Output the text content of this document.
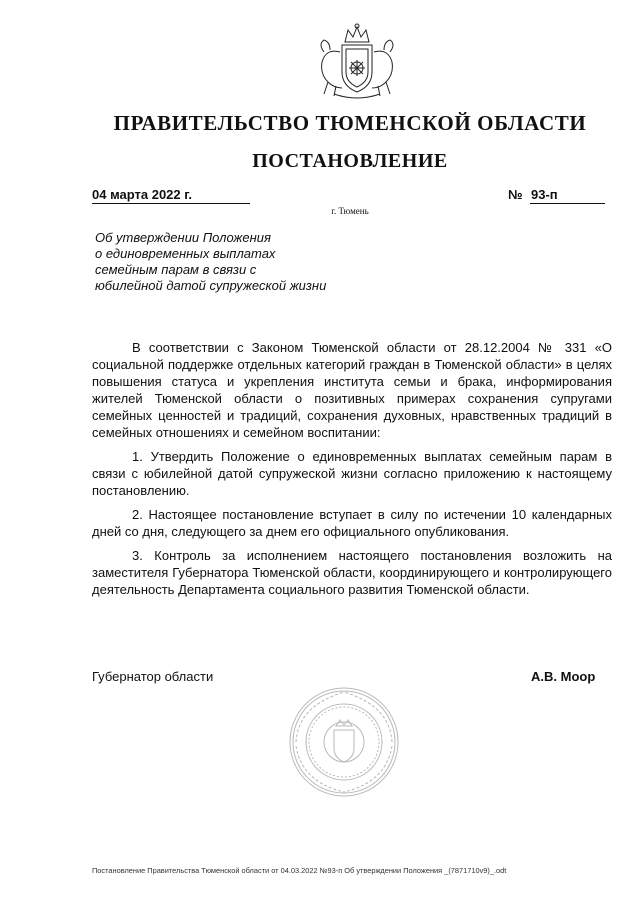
ПРАВИТЕЛЬСТВО ТЮМЕНСКОЙ ОБЛАСТИ
ПОСТАНОВЛЕНИЕ
04 марта 2022 г.	№ 93-п
г. Тюмень
Об утверждении Положения
о единовременных выплатах
семейным парам в связи с
юбилейной датой супружеской жизни

В соответствии с Законом Тюменской области от 28.12.2004 № 331 «О социальной поддержке отдельных категорий граждан в Тюменской области» в целях повышения статуса и укрепления института семьи и брака, информирования жителей Тюменской области о позитивных примерах сохранения супругами семейных ценностей и традиций, сохранения духовных, нравственных традиций в семейных отношениях и семейном воспитании:

1. Утвердить Положение о единовременных выплатах семейным парам в связи с юбилейной датой супружеской жизни согласно приложению к настоящему постановлению.

2. Настоящее постановление вступает в силу по истечении 10 календарных дней со дня, следующего за днем его официального опубликования.

3. Контроль за исполнением настоящего постановления возложить на заместителя Губернатора Тюменской области, координирующего и контролирующего деятельность Департамента социального развития Тюменской области.

Губернатор области	А.В. Моор
Постановление Правительства Тюменской области от 04.03.2022 №93-п Об утверждении Положения _(7871710v9)_.odt
